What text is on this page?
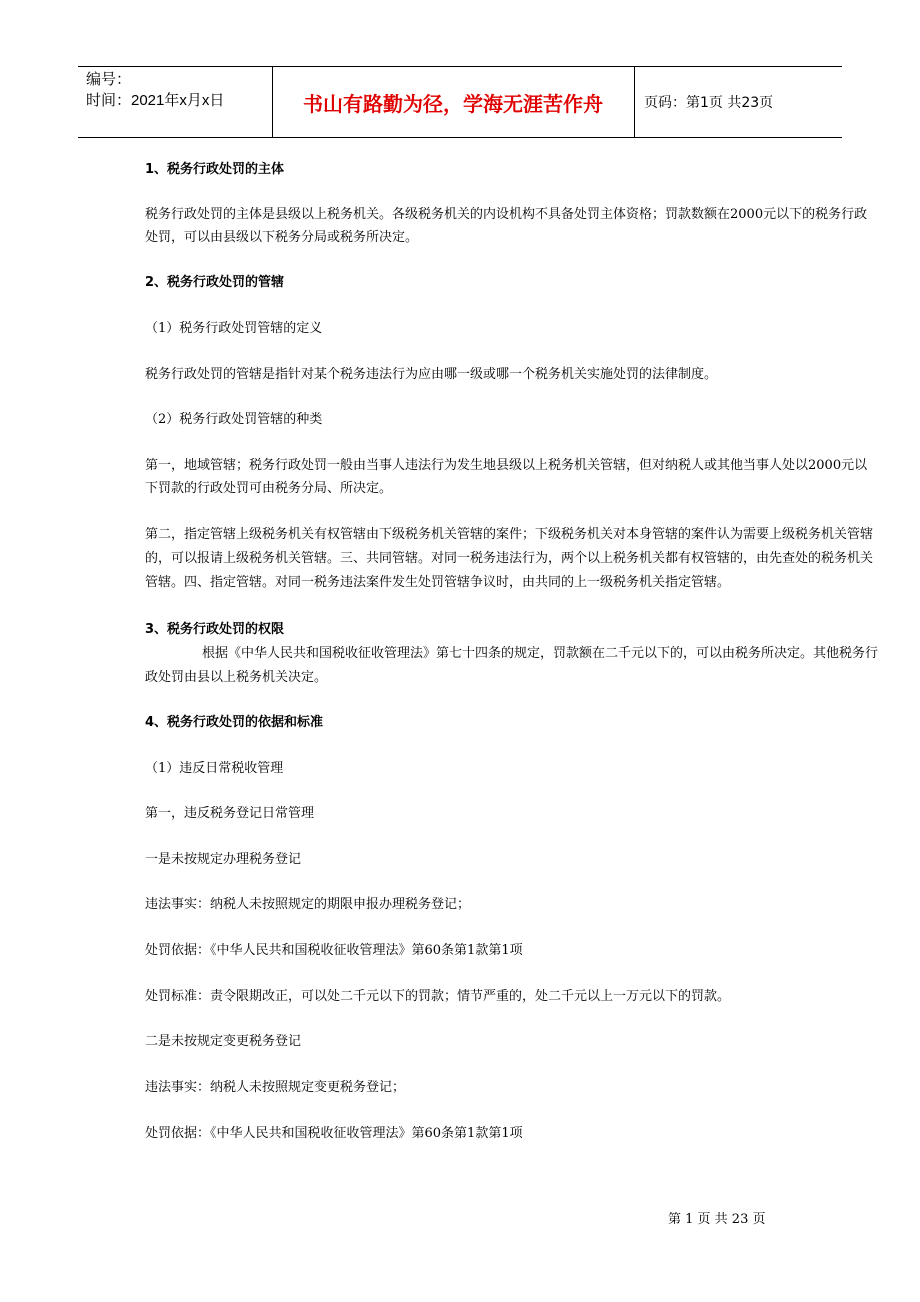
编号：
时间：2021年x月x日	书山有路勤为径，学海无涯苦作舟	页码：第1页 共23页
1、税务行政处罚的主体
税务行政处罚的主体是县级以上税务机关。各级税务机关的内设机构不具备处罚主体资格；罚款数额在2000元以下的税务行政
处罚，可以由县级以下税务分局或税务所决定。
2、税务行政处罚的管辖
（1）税务行政处罚管辖的定义
税务行政处罚的管辖是指针对某个税务违法行为应由哪一级或哪一个税务机关实施处罚的法律制度。
（2）税务行政处罚管辖的种类
第一，地域管辖；税务行政处罚一般由当事人违法行为发生地县级以上税务机关管辖，但对纳税人或其他当事人处以2000元以
下罚款的行政处罚可由税务分局、所决定。
第二，指定管辖上级税务机关有权管辖由下级税务机关管辖的案件；下级税务机关对本身管辖的案件认为需要上级税务机关管辖
的，可以报请上级税务机关管辖。三、共同管辖。对同一税务违法行为，两个以上税务机关都有权管辖的，由先查处的税务机关
管辖。四、指定管辖。对同一税务违法案件发生处罚管辖争议时，由共同的上一级税务机关指定管辖。
3、税务行政处罚的权限
根据《中华人民共和国税收征收管理法》第七十四条的规定，罚款额在二千元以下的，可以由税务所决定。其他税务行
政处罚由县以上税务机关决定。
4、税务行政处罚的依据和标准
（1）违反日常税收管理
第一，违反税务登记日常管理
一是未按规定办理税务登记
违法事实：纳税人未按照规定的期限申报办理税务登记；
处罚依据：《中华人民共和国税收征收管理法》第60条第1款第1项
处罚标准：责令限期改正，可以处二千元以下的罚款；情节严重的，处二千元以上一万元以下的罚款。
二是未按规定变更税务登记
违法事实：纳税人未按照规定变更税务登记；
处罚依据：《中华人民共和国税收征收管理法》第60条第1款第1项
第 1 页 共 23 页
